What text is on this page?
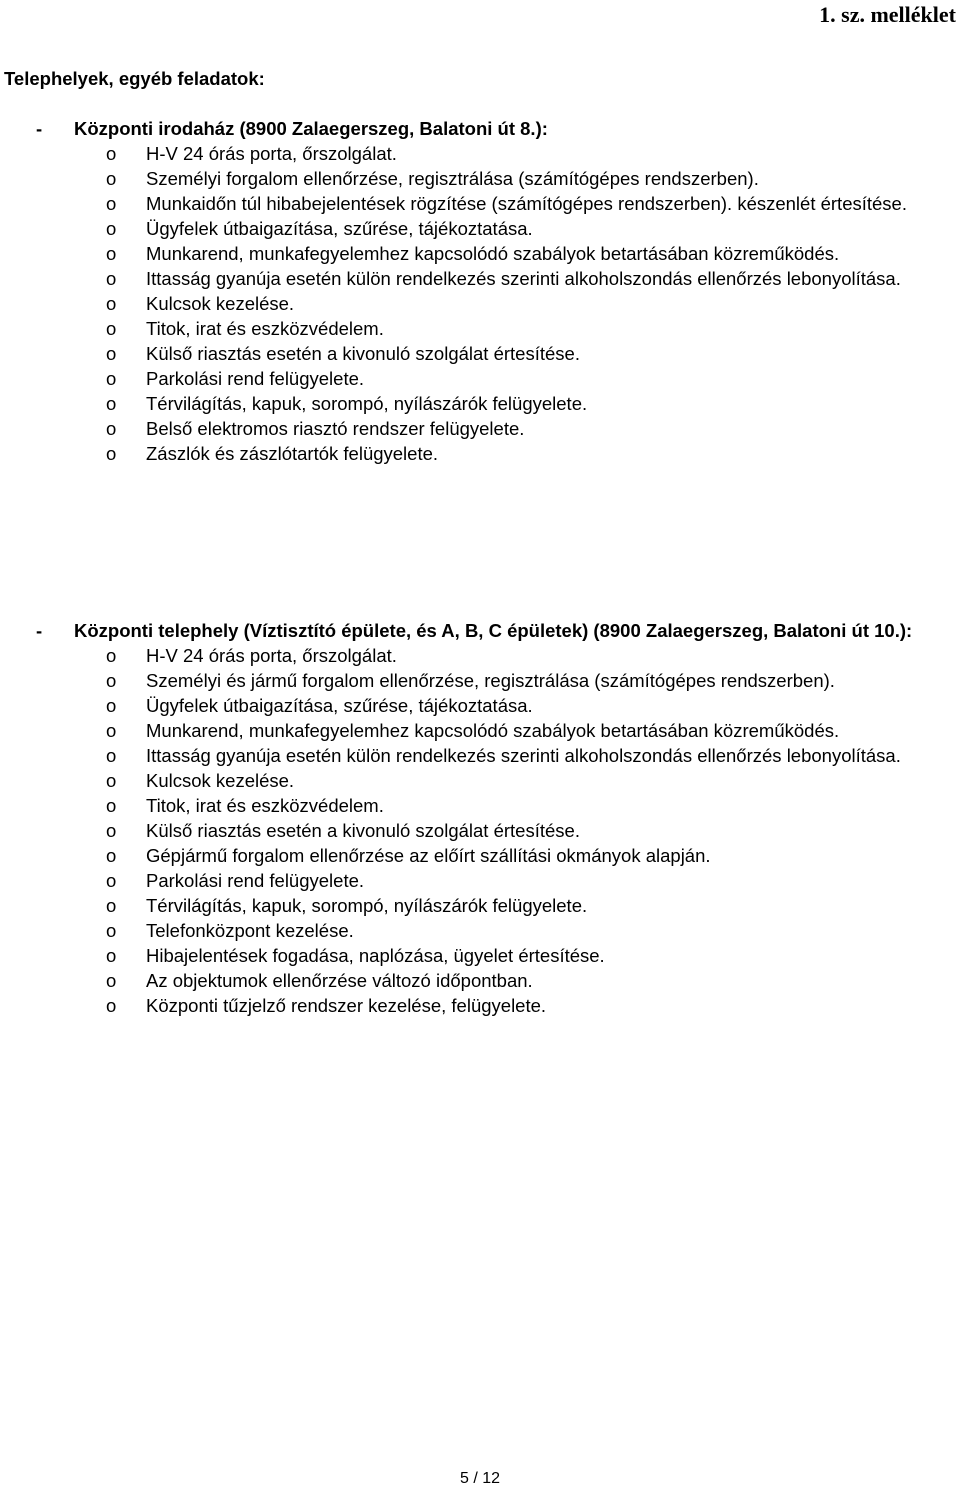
1. sz. melléklet
Telephelyek, egyéb feladatok:
- Központi irodaház (8900 Zalaegerszeg, Balatoni út 8.):
o H-V 24 órás porta, őrszolgálat.
o Személyi forgalom ellenőrzése, regisztrálása (számítógépes rendszerben).
o Munkaidőn túl hibabejelentések rögzítése (számítógépes rendszerben). készenlét értesítése.
o Ügyfelek útbaigazítása, szűrése, tájékoztatása.
o Munkarend, munkafegyelemhez kapcsolódó szabályok betartásában közreműködés.
o Ittasság gyanúja esetén külön rendelkezés szerinti alkoholszondás ellenőrzés lebonyolítása.
o Kulcsok kezelése.
o Titok, irat és eszközvédelem.
o Külső riasztás esetén a kivonuló szolgálat értesítése.
o Parkolási rend felügyelete.
o Térvilágítás, kapuk, sorompó, nyílászárók felügyelete.
o Belső elektromos riasztó rendszer felügyelete.
o Zászlók és zászlótartók felügyelete.
- Központi telephely (Víztisztító épülete, és A, B, C épületek) (8900 Zalaegerszeg, Balatoni út 10.):
o H-V 24 órás porta, őrszolgálat.
o Személyi és jármű forgalom ellenőrzése, regisztrálása (számítógépes rendszerben).
o Ügyfelek útbaigazítása, szűrése, tájékoztatása.
o Munkarend, munkafegyelemhez kapcsolódó szabályok betartásában közreműködés.
o Ittasság gyanúja esetén külön rendelkezés szerinti alkoholszondás ellenőrzés lebonyolítása.
o Kulcsok kezelése.
o Titok, irat és eszközvédelem.
o Külső riasztás esetén a kivonuló szolgálat értesítése.
o Gépjármű forgalom ellenőrzése az előírt szállítási okmányok alapján.
o Parkolási rend felügyelete.
o Térvilágítás, kapuk, sorompó, nyílászárók felügyelete.
o Telefonközpont kezelése.
o Hibajelentések fogadása, naplózása, ügyelet értesítése.
o Az objektumok ellenőrzése változó időpontban.
o Központi tűzjelző rendszer kezelése, felügyelete.
5 / 12
